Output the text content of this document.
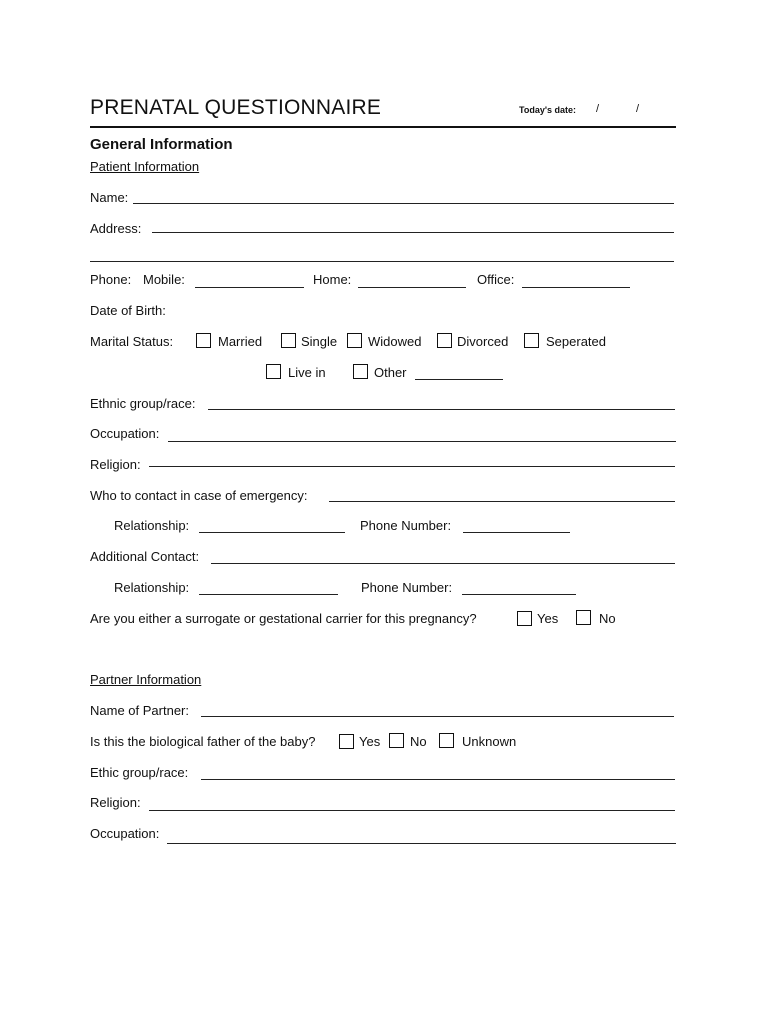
PRENATAL QUESTIONNAIRE	Today's date: /	/
General Information
Patient Information
Name:
Address:
Phone: Mobile:	Home:	Office:
Date of Birth:
Marital Status:	Married	Single Widowed	Divorced	Seperated
Live in	Other
Ethnic group/race:
Occupation:
Religion:
Who to contact in case of emergency:
Relationship:	Phone Number:
Additional Contact:
Relationship:	Phone Number:
Are you either a surrogate or gestational carrier for this pregnancy?	Yes	No
Partner Information
Name of Partner:
Is this the biological father of the baby?	Yes No	Unknown
Ethic group/race:
Religion:
Occupation:
